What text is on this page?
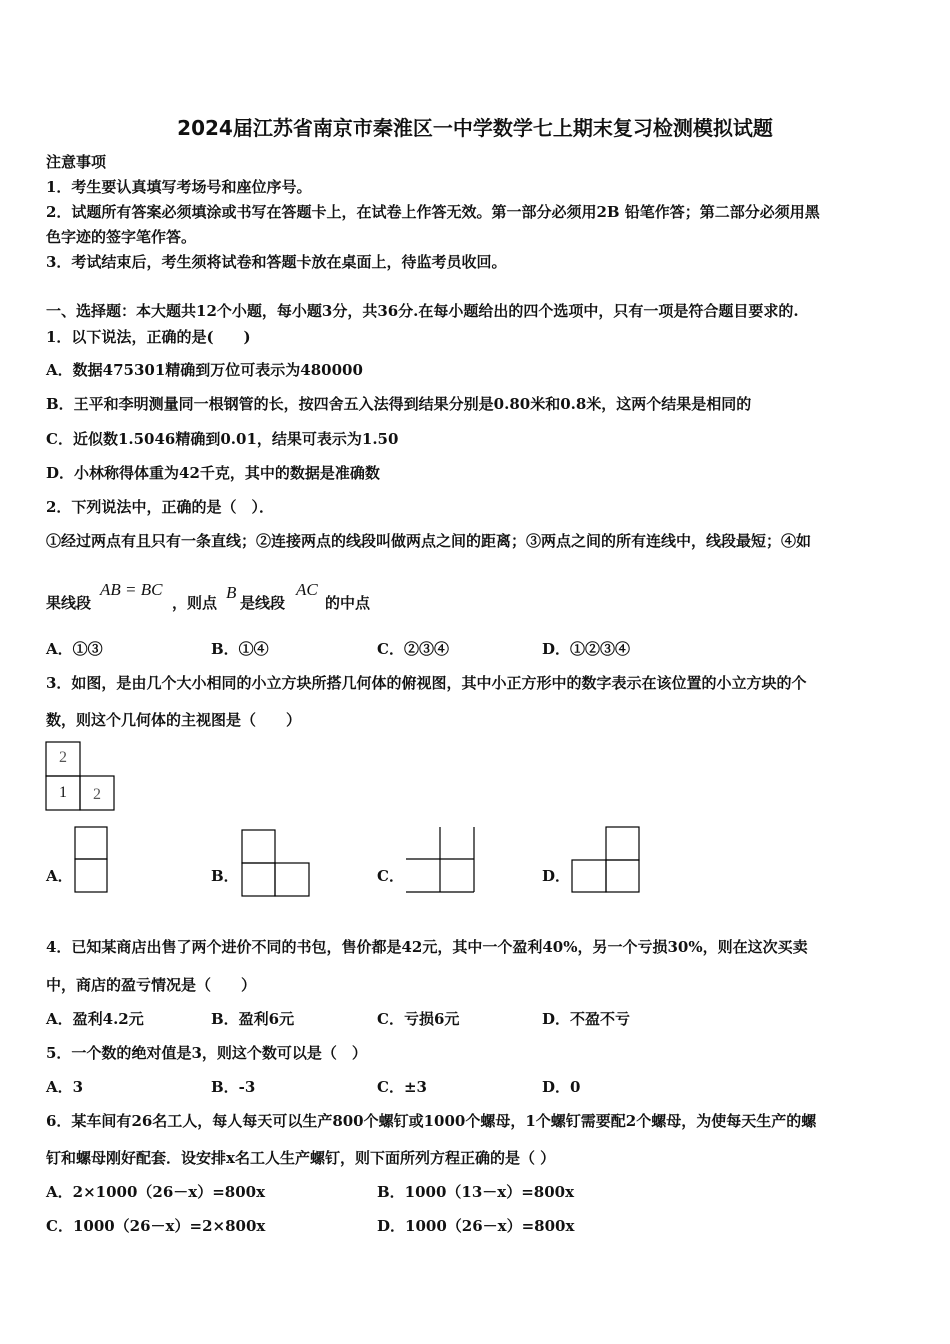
2024届江苏省南京市秦淮区一中学数学七上期末复习检测模拟试题
注意事项
1．考生要认真填写考场号和座位序号。
2．试题所有答案必须填涂或书写在答题卡上，在试卷上作答无效。第一部分必须用2B 铅笔作答；第二部分必须用黑
色字迹的签字笔作答。
3．考试结束后，考生须将试卷和答题卡放在桌面上，待监考员收回。
一、选择题：本大题共12个小题，每小题3分，共36分.在每小题给出的四个选项中，只有一项是符合题目要求的.
1．以下说法，正确的是(　　)
A．数据475301精确到万位可表示为480000
B．王平和李明测量同一根钢管的长，按四舍五入法得到结果分别是0.80米和0.8米，这两个结果是相同的
C．近似数1.5046精确到0.01，结果可表示为1.50
D．小林称得体重为42千克，其中的数据是准确数
2．下列说法中，正确的是（　）．
①经过两点有且只有一条直线；②连接两点的线段叫做两点之间的距离；③两点之间的所有连线中，线段最短；④如
果线段
AB = BC
，则点
B
是线段
AC
的中点
A．①③	B．①④	C．②③④	D．①②③④
3．如图，是由几个大小相同的小立方块所搭几何体的俯视图，其中小正方形中的数字表示在该位置的小立方块的个
数，则这个几何体的主视图是（　　）
2
1	2
A．	B．	C．	D．
4．已知某商店出售了两个进价不同的书包，售价都是42元，其中一个盈利40%，另一个亏损30%，则在这次买卖
中，商店的盈亏情况是（　　）
A．盈利4.2元	B．盈利6元	C．亏损6元	D．不盈不亏
5．一个数的绝对值是3，则这个数可以是（　）
A．3	B．-3	C．±3	D．0
6．某车间有26名工人，每人每天可以生产800个螺钉或1000个螺母，1个螺钉需要配2个螺母，为使每天生产的螺
钉和螺母刚好配套．设安排x名工人生产螺钉，则下面所列方程正确的是（ ）
A．2×1000（26－x）=800x	B．1000（13－x）=800x
C．1000（26－x）=2×800x	D．1000（26－x）=800x
